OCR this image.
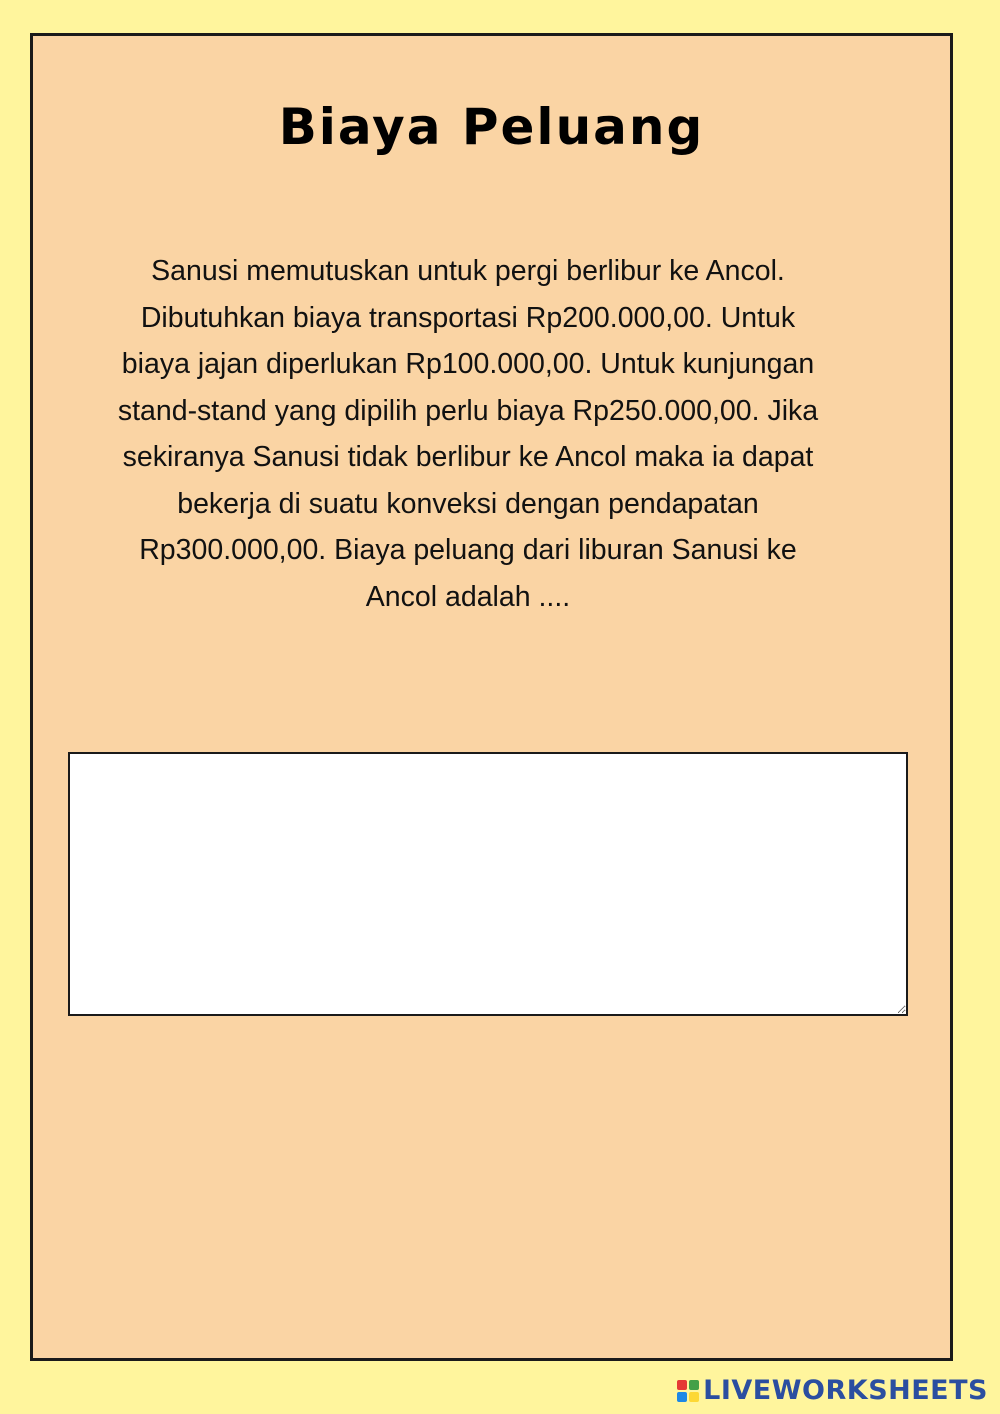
Biaya Peluang

Sanusi memutuskan untuk pergi berlibur ke Ancol. Dibutuhkan biaya transportasi Rp200.000,00. Untuk biaya jajan diperlukan Rp100.000,00. Untuk kunjungan stand-stand yang dipilih perlu biaya Rp250.000,00. Jika sekiranya Sanusi tidak berlibur ke Ancol maka ia dapat bekerja di suatu konveksi dengan pendapatan Rp300.000,00. Biaya peluang dari liburan Sanusi ke Ancol adalah ....

LIVEWORKSHEETS
